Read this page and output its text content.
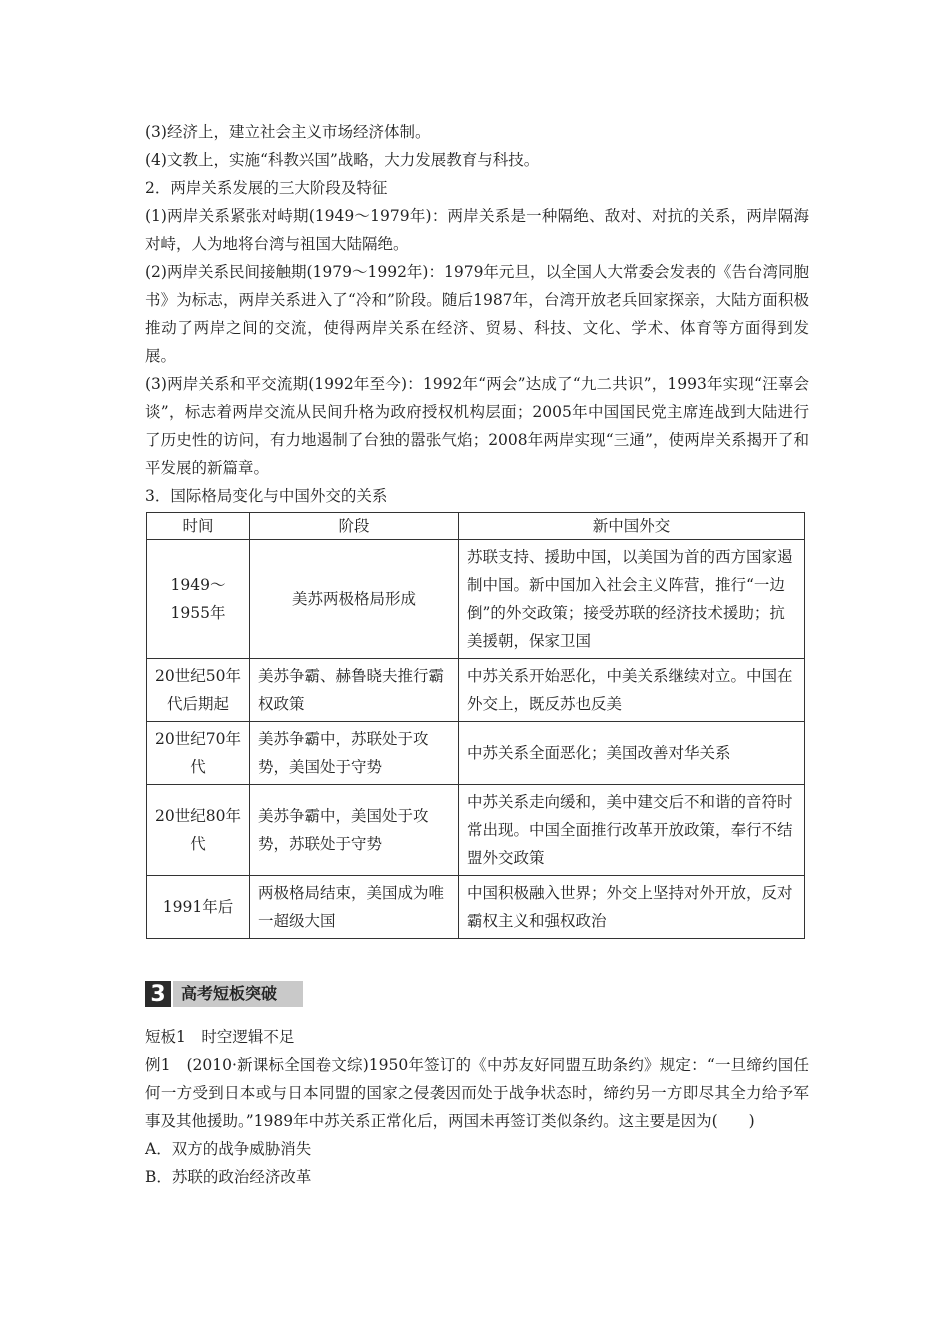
(3)经济上，建立社会主义市场经济体制。
(4)文教上，实施“科教兴国”战略，大力发展教育与科技。
2．两岸关系发展的三大阶段及特征
(1)两岸关系紧张对峙期(1949～1979年)：两岸关系是一种隔绝、敌对、对抗的关系，两岸隔海对峙，人为地将台湾与祖国大陆隔绝。
(2)两岸关系民间接触期(1979～1992年)：1979年元旦，以全国人大常委会发表的《告台湾同胞书》为标志，两岸关系进入了“冷和”阶段。随后1987年，台湾开放老兵回家探亲，大陆方面积极推动了两岸之间的交流，使得两岸关系在经济、贸易、科技、文化、学术、体育等方面得到发展。
(3)两岸关系和平交流期(1992年至今)：1992年“两会”达成了“九二共识”，1993年实现“汪辜会谈”，标志着两岸交流从民间升格为政府授权机构层面；2005年中国国民党主席连战到大陆进行了历史性的访问，有力地遏制了台独的嚣张气焰；2008年两岸实现“三通”，使两岸关系揭开了和平发展的新篇章。
3．国际格局变化与中国外交的关系
时间	阶段	新中国外交
1949～1955年	美苏两极格局形成	苏联支持、援助中国，以美国为首的西方国家遏制中国。新中国加入社会主义阵营，推行“一边倒”的外交政策；接受苏联的经济技术援助；抗美援朝，保家卫国
20世纪50年代后期起	美苏争霸、赫鲁晓夫推行霸权政策	中苏关系开始恶化，中美关系继续对立。中国在外交上，既反苏也反美
20世纪70年代	美苏争霸中，苏联处于攻势，美国处于守势	中苏关系全面恶化；美国改善对华关系
20世纪80年代	美苏争霸中，美国处于攻势，苏联处于守势	中苏关系走向缓和，美中建交后不和谐的音符时常出现。中国全面推行改革开放政策，奉行不结盟外交政策
1991年后	两极格局结束，美国成为唯一超级大国	中国积极融入世界；外交上坚持对外开放，反对霸权主义和强权政治
3 高考短板突破
短板1　时空逻辑不足
例1　(2010·新课标全国卷文综)1950年签订的《中苏友好同盟互助条约》规定：“一旦缔约国任何一方受到日本或与日本同盟的国家之侵袭因而处于战争状态时，缔约另一方即尽其全力给予军事及其他援助。”1989年中苏关系正常化后，两国未再签订类似条约。这主要是因为(　　)
A．双方的战争威胁消失
B．苏联的政治经济改革
